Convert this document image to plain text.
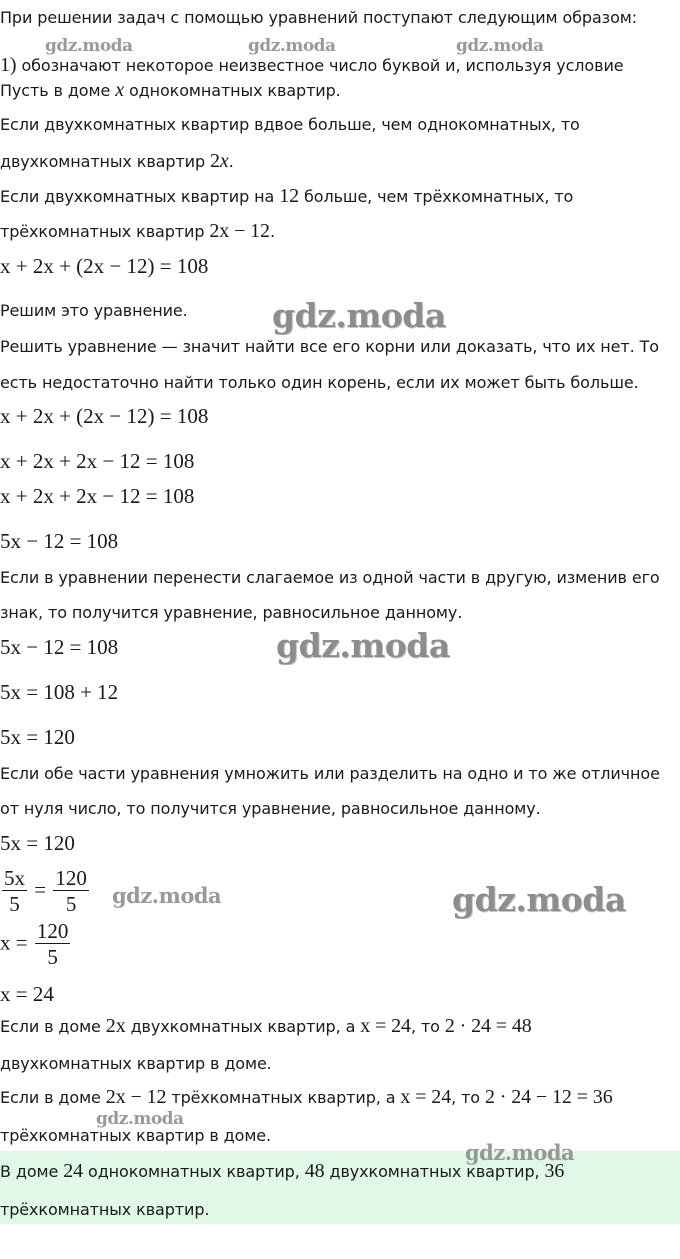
При решении задач с помощью уравнений поступают следующим образом:
1) обозначают некоторое неизвестное число буквой и, используя условие
Пусть в доме x однокомнатных квартир.
Если двухкомнатных квартир вдвое больше, чем однокомнатных, то
двухкомнатных квартир 2x.
Если двухкомнатных квартир на 12 больше, чем трёхкомнатных, то
трёхкомнатных квартир 2x − 12.
x + 2x + (2x − 12) = 108
Решим это уравнение.
Решить уравнение — значит найти все его корни или доказать, что их нет. То
есть недостаточно найти только один корень, если их может быть больше.
x + 2x + (2x − 12) = 108
x + 2x + 2x − 12 = 108
x + 2x + 2x − 12 = 108
5x − 12 = 108
Если в уравнении перенести слагаемое из одной части в другую, изменив его
знак, то получится уравнение, равносильное данному.
5x − 12 = 108
5x = 108 + 12
5x = 120
Если обе части уравнения умножить или разделить на одно и то же отличное
от нуля число, то получится уравнение, равносильное данному.
5x = 120
$\frac{5x}{5} = \frac{120}{5}$
$x = \frac{120}{5}$
x = 24
Если в доме 2x двухкомнатных квартир, а x = 24, то 2 · 24 = 48
двухкомнатных квартир в доме.
Если в доме 2x − 12 трёхкомнатных квартир, а x = 24, то 2 · 24 − 12 = 36
трёхкомнатных квартир в доме.
В доме 24 однокомнатных квартир, 48 двухкомнатных квартир, 36
трёхкомнатных квартир.
gdz.moda	gdz.moda	gdz.moda
gdz.moda
gdz.moda
gdz.moda	gdz.moda
gdz.moda
gdz.moda
